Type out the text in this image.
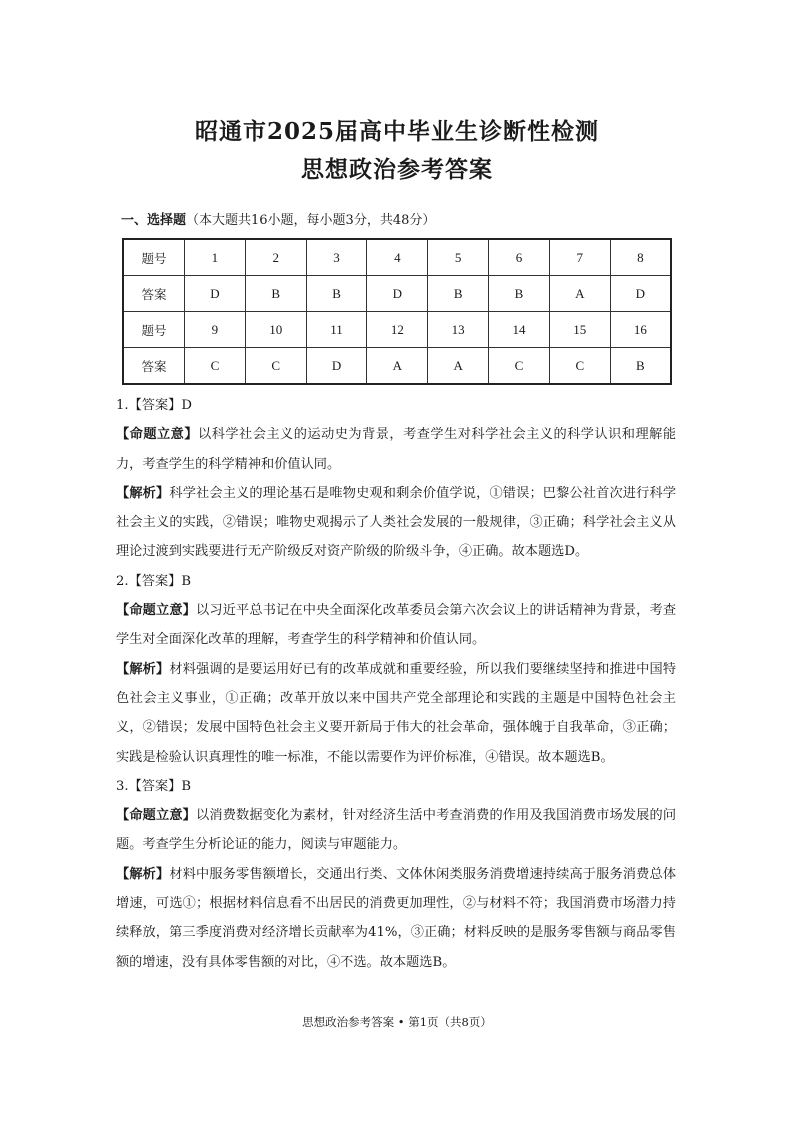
昭通市2025届高中毕业生诊断性检测
思想政治参考答案
一、选择题（本大题共16小题，每小题3分，共48分）
题号	1	2	3	4	5	6	7	8
答案	D	B	B	D	B	B	A	D
题号	9	10	11	12	13	14	15	16
答案	C	C	D	A	A	C	C	B

1.【答案】D

【命题立意】以科学社会主义的运动史为背景，考查学生对科学社会主义的科学认识和理解能力，考查学生的科学精神和价值认同。

【解析】科学社会主义的理论基石是唯物史观和剩余价值学说，①错误；巴黎公社首次进行科学社会主义的实践，②错误；唯物史观揭示了人类社会发展的一般规律，③正确；科学社会主义从理论过渡到实践要进行无产阶级反对资产阶级的阶级斗争，④正确。故本题选D。

2.【答案】B

【命题立意】以习近平总书记在中央全面深化改革委员会第六次会议上的讲话精神为背景，考查学生对全面深化改革的理解，考查学生的科学精神和价值认同。

【解析】材料强调的是要运用好已有的改革成就和重要经验，所以我们要继续坚持和推进中国特色社会主义事业，①正确；改革开放以来中国共产党全部理论和实践的主题是中国特色社会主义，②错误；发展中国特色社会主义要开新局于伟大的社会革命，强体魄于自我革命，③正确；实践是检验认识真理性的唯一标准，不能以需要作为评价标准，④错误。故本题选B。

3.【答案】B

【命题立意】以消费数据变化为素材，针对经济生活中考查消费的作用及我国消费市场发展的问题。考查学生分析论证的能力，阅读与审题能力。

【解析】材料中服务零售额增长，交通出行类、文体休闲类服务消费增速持续高于服务消费总体增速，可选①；根据材料信息看不出居民的消费更加理性，②与材料不符；我国消费市场潜力持续释放，第三季度消费对经济增长贡献率为41%，③正确；材料反映的是服务零售额与商品零售额的增速，没有具体零售额的对比，④不选。故本题选B。

思想政治参考答案 • 第1页（共8页）
